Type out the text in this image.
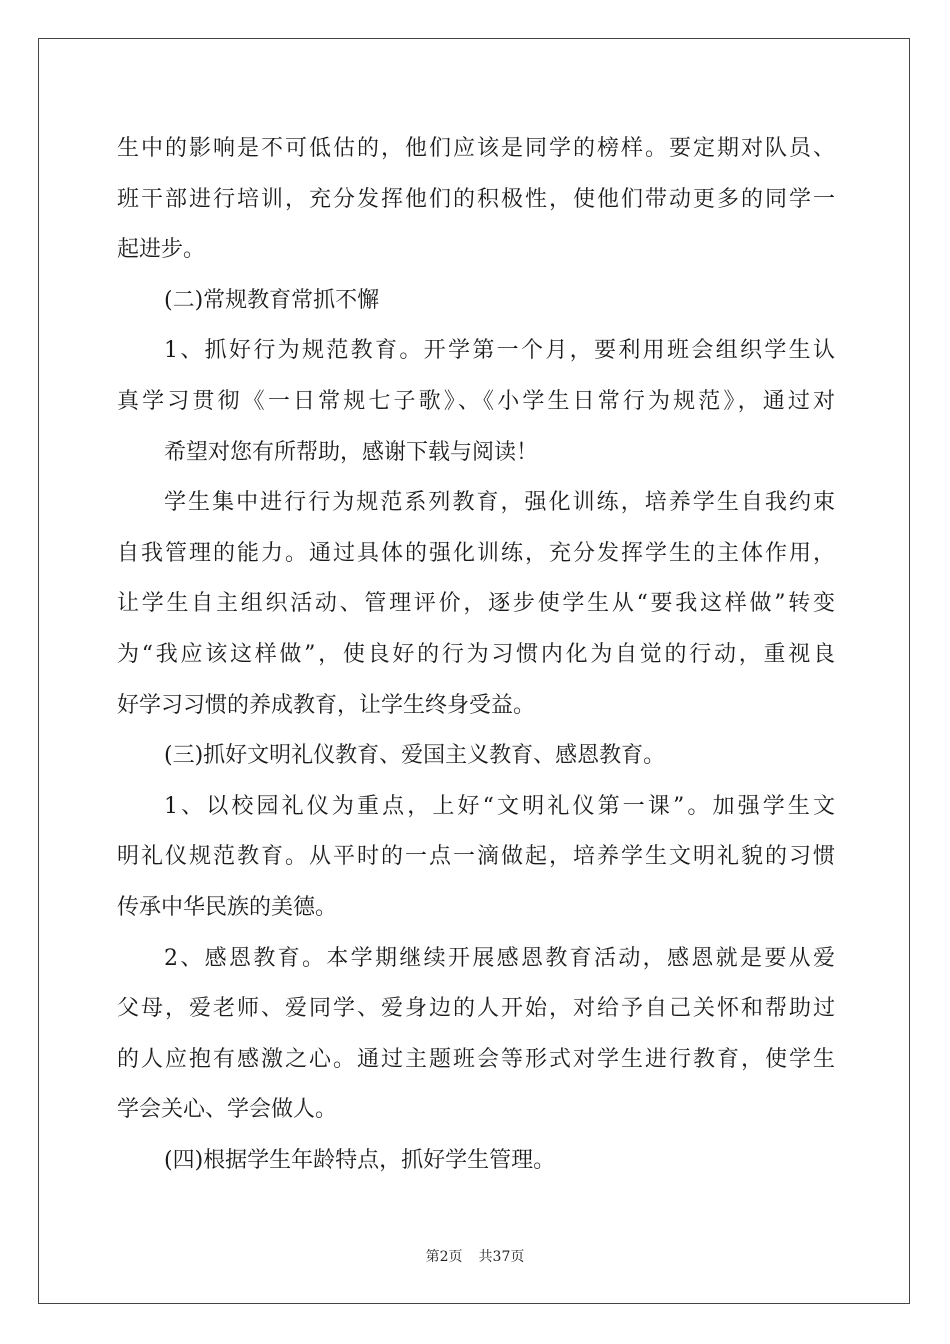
生中的影响是不可低估的，他们应该是同学的榜样。要定期对队员、
班干部进行培训，充分发挥他们的积极性，使他们带动更多的同学一
起进步。
(二)常规教育常抓不懈
1、抓好行为规范教育。开学第一个月，要利用班会组织学生认
真学习贯彻《一日常规七子歌》、《小学生日常行为规范》，通过对
希望对您有所帮助，感谢下载与阅读！
学生集中进行行为规范系列教育，强化训练，培养学生自我约束
自我管理的能力。通过具体的强化训练，充分发挥学生的主体作用，
让学生自主组织活动、管理评价，逐步使学生从“要我这样做”转变
为“我应该这样做”，使良好的行为习惯内化为自觉的行动，重视良
好学习习惯的养成教育，让学生终身受益。
(三)抓好文明礼仪教育、爱国主义教育、感恩教育。
1、以校园礼仪为重点，上好“文明礼仪第一课”。加强学生文
明礼仪规范教育。从平时的一点一滴做起，培养学生文明礼貌的习惯
传承中华民族的美德。
2、感恩教育。本学期继续开展感恩教育活动，感恩就是要从爱
父母，爱老师、爱同学、爱身边的人开始，对给予自己关怀和帮助过
的人应抱有感激之心。通过主题班会等形式对学生进行教育，使学生
学会关心、学会做人。
(四)根据学生年龄特点，抓好学生管理。
第2页 共37页
